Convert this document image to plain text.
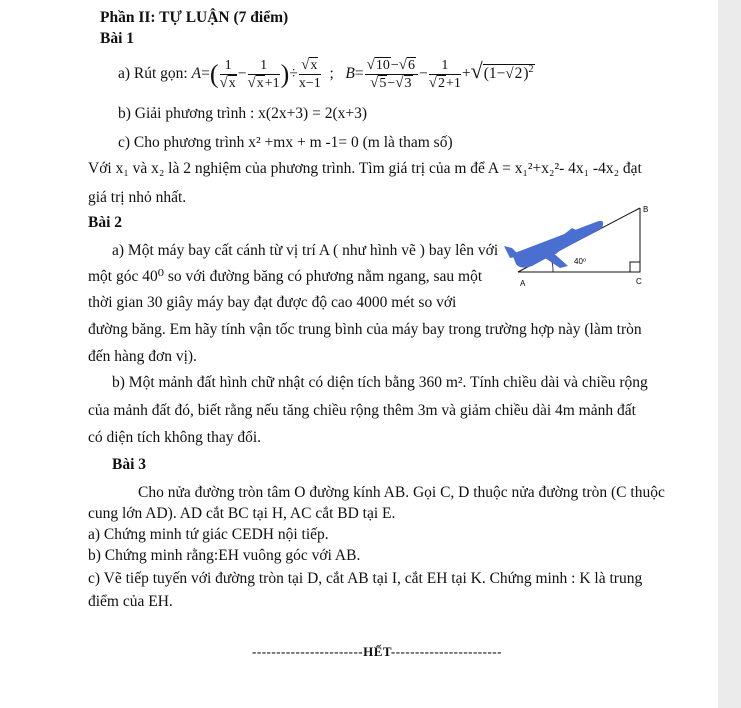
Phần II: TỰ LUẬN (7 điểm)
Bài 1
a) Rút gọn: $A=( \frac{1}{√x} - \frac{1}{√x+1}$ )÷ $\frac{√x}{x-1}$ ;   $B= \frac{√10-√6}{√5-√3} - \frac{1}{√2+1} +√(1-√2)^2$
b) Giải phương trình : x(2x+3) = 2(x+3)
c) Cho phương trình x² +mx + m -1= 0 (m là tham số)
Với x₁ và x₂ là 2 nghiệm của phương trình. Tìm giá trị của m để A = x₁²+x₂²- 4x₁ -4x₂ đạt
giá trị nhỏ nhất.
Bài 2
a) Một máy bay cất cánh từ vị trí A ( như hình vẽ ) bay lên với
một góc 40⁰ so với đường băng có phương nằm ngang, sau một
thời gian 30 giây máy bay đạt được độ cao 4000 mét so với
đường băng. Em hãy tính vận tốc trung bình của máy bay trong trường hợp này (làm tròn
đến hàng đơn vị).
A
B
C
40⁰
b) Một mảnh đất hình chữ nhật có diện tích bằng 360 m². Tính chiều dài và chiều rộng
của mảnh đất đó, biết rằng nếu tăng chiều rộng thêm 3m và giảm chiều dài 4m mảnh đất
có diện tích không thay đổi.
Bài 3
Cho nửa đường tròn tâm O đường kính AB. Gọi C, D thuộc nửa đường tròn (C thuộc
cung lớn AD). AD cắt BC tại H, AC cắt BD tại E.
a) Chứng minh tứ giác CEDH nội tiếp.
b) Chứng minh rằng:EH vuông góc với AB.
c) Vẽ tiếp tuyến với đường tròn tại D, cắt AB tại I, cắt EH tại K. Chứng minh : K là trung
điểm của EH.
-----------------------HẾT-----------------------
